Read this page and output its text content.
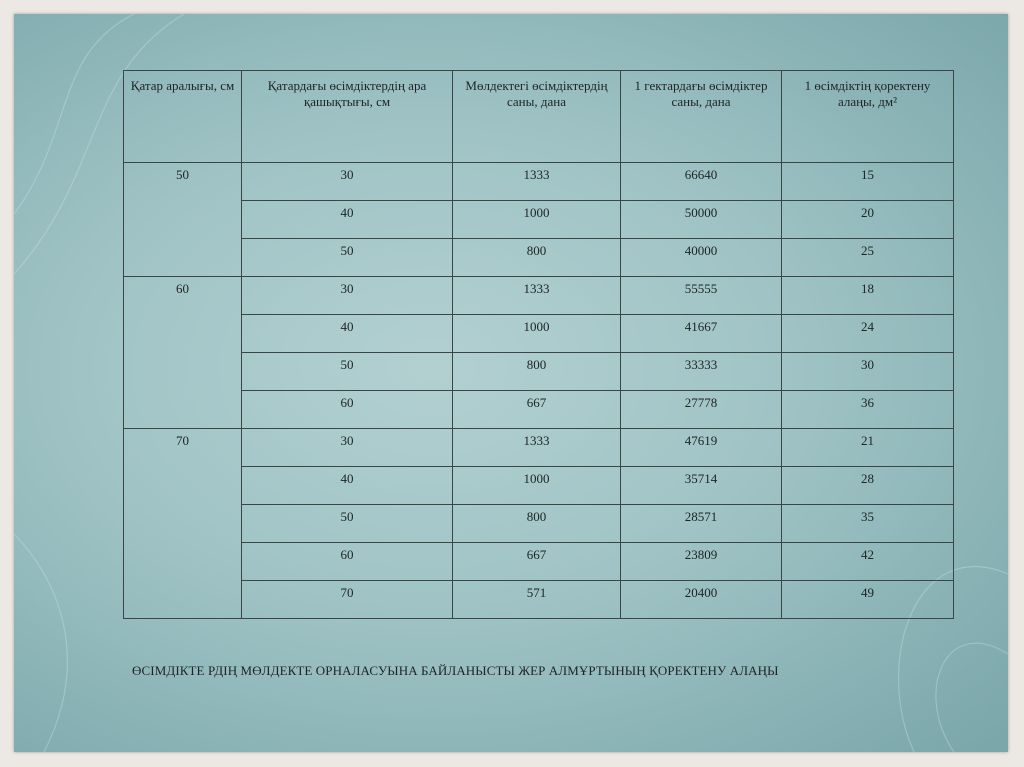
Қатар аралығы, см	Қатардағы өсімдіктердің ара қашықтығы, см	Мөлдектегі өсімдіктердің саны, дана	1 гектардағы өсімдіктер саны, дана	1 өсімдіктің қоректену алаңы, дм²
50	30	1333	66640	15
	40	1000	50000	20
	50	800	40000	25
60	30	1333	55555	18
	40	1000	41667	24
	50	800	33333	30
	60	667	27778	36
70	30	1333	47619	21
	40	1000	35714	28
	50	800	28571	35
	60	667	23809	42
	70	571	20400	49
ӨСІМДІКТЕ РДІҢ МӨЛДЕКТЕ ОРНАЛАСУЫНА БАЙЛАНЫСТЫ ЖЕР АЛМҰРТЫНЫҢ ҚОРЕКТЕНУ АЛАҢЫ
